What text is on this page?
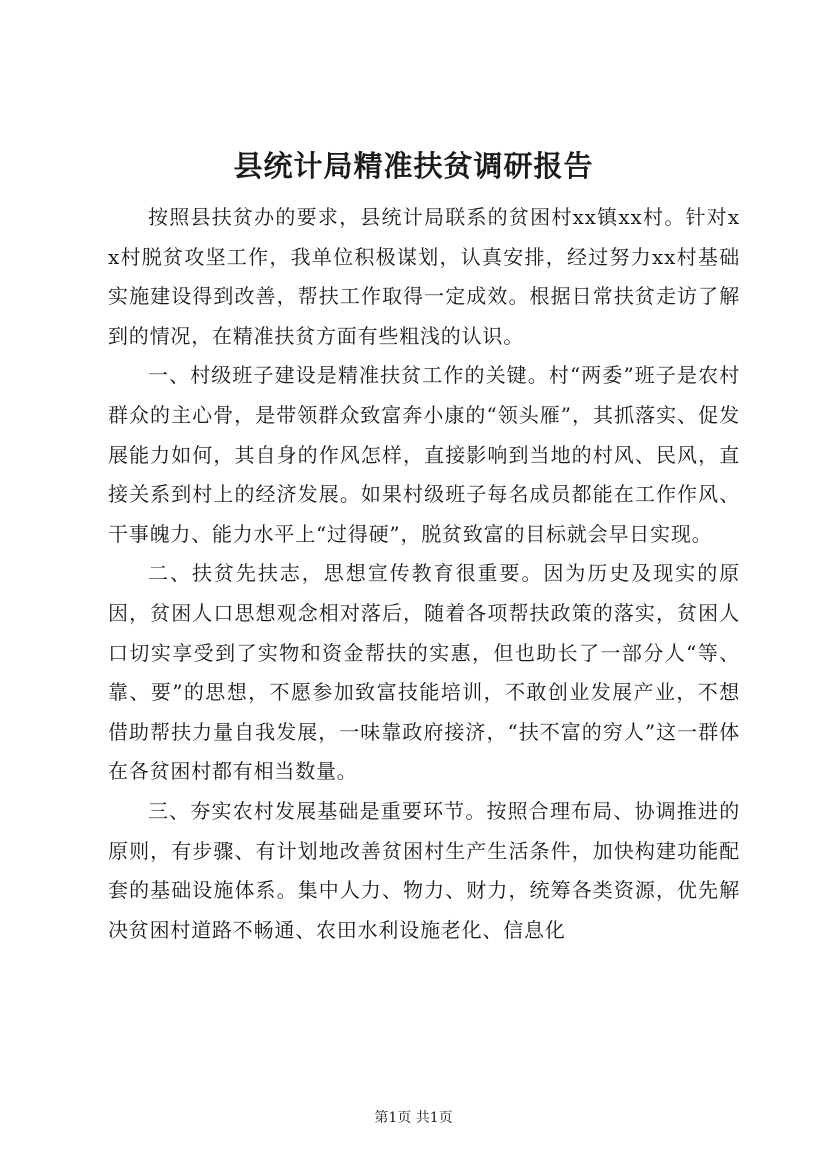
县统计局精准扶贫调研报告

按照县扶贫办的要求，县统计局联系的贫困村xx镇xx村。针对xx村脱贫攻坚工作，我单位积极谋划，认真安排，经过努力xx村基础实施建设得到改善，帮扶工作取得一定成效。根据日常扶贫走访了解到的情况，在精准扶贫方面有些粗浅的认识。

一、村级班子建设是精准扶贫工作的关键。村“两委”班子是农村群众的主心骨，是带领群众致富奔小康的“领头雁”，其抓落实、促发展能力如何，其自身的作风怎样，直接影响到当地的村风、民风，直接关系到村上的经济发展。如果村级班子每名成员都能在工作作风、干事魄力、能力水平上“过得硬”，脱贫致富的目标就会早日实现。

二、扶贫先扶志，思想宣传教育很重要。因为历史及现实的原因，贫困人口思想观念相对落后，随着各项帮扶政策的落实，贫困人口切实享受到了实物和资金帮扶的实惠，但也助长了一部分人“等、靠、要”的思想，不愿参加致富技能培训，不敢创业发展产业，不想借助帮扶力量自我发展，一味靠政府接济，“扶不富的穷人”这一群体在各贫困村都有相当数量。

三、夯实农村发展基础是重要环节。按照合理布局、协调推进的原则，有步骤、有计划地改善贫困村生产生活条件，加快构建功能配套的基础设施体系。集中人力、物力、财力，统筹各类资源，优先解决贫困村道路不畅通、农田水利设施老化、信息化

第1页 共1页
